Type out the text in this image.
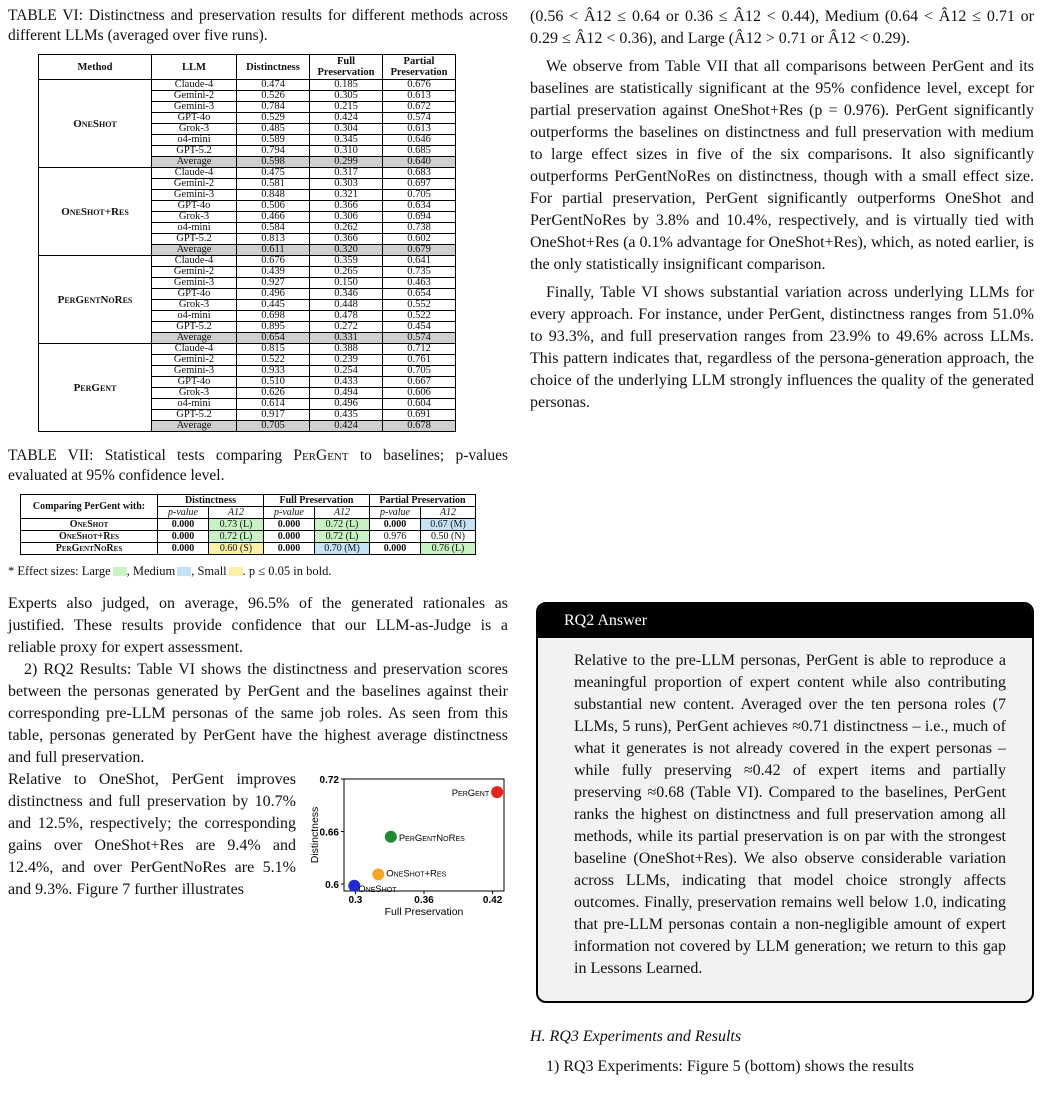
TABLE VI: Distinctness and preservation results for different methods across different LLMs (averaged over five runs).

Method	LLM	Distinctness	Full Preservation	Partial Preservation
OneShot	Claude-4	0.474	0.185	0.676
	Gemini-2	0.526	0.305	0.613
	Gemini-3	0.784	0.215	0.672
	GPT-4o	0.529	0.424	0.574
	Grok-3	0.485	0.304	0.613
	o4-mini	0.589	0.345	0.646
	GPT-5.2	0.794	0.310	0.685
	Average	0.598	0.299	0.640
OneShot+Res	Claude-4	0.475	0.317	0.683
	Gemini-2	0.581	0.303	0.697
	Gemini-3	0.848	0.321	0.705
	GPT-4o	0.506	0.366	0.634
	Grok-3	0.466	0.306	0.694
	o4-mini	0.584	0.262	0.738
	GPT-5.2	0.813	0.366	0.602
	Average	0.611	0.320	0.679
PerGentNoRes	Claude-4	0.676	0.359	0.641
	Gemini-2	0.439	0.265	0.735
	Gemini-3	0.927	0.150	0.463
	GPT-4o	0.496	0.346	0.654
	Grok-3	0.445	0.448	0.552
	o4-mini	0.698	0.478	0.522
	GPT-5.2	0.895	0.272	0.454
	Average	0.654	0.331	0.574
PerGent	Claude-4	0.815	0.388	0.712
	Gemini-2	0.522	0.239	0.761
	Gemini-3	0.933	0.254	0.705
	GPT-4o	0.510	0.433	0.667
	Grok-3	0.626	0.494	0.606
	o4-mini	0.614	0.496	0.604
	GPT-5.2	0.917	0.435	0.691
	Average	0.705	0.424	0.678

TABLE VII: Statistical tests comparing PerGent to baselines; p-values evaluated at 95% confidence level.

Comparing PerGent with:	Distinctness		Full Preservation		Partial Preservation	
	p-value	A12	p-value	A12	p-value	A12
OneShot	0.000	0.73 (L)	0.000	0.72 (L)	0.000	0.67 (M)
OneShot+Res	0.000	0.72 (L)	0.000	0.72 (L)	0.976	0.50 (N)
PerGentNoRes	0.000	0.60 (S)	0.000	0.70 (M)	0.000	0.76 (L)

* Effect sizes: Large , Medium , Small . p ≤ 0.05 in bold.

Experts also judged, on average, 96.5% of the generated rationales as justified. These results provide confidence that our LLM-as-Judge is a reliable proxy for expert assessment.

2) RQ2 Results: Table VI shows the distinctness and preservation scores between the personas generated by PerGent and the baselines against their corresponding pre-LLM personas of the same job roles. As seen from this table, personas generated by PerGent have the highest average distinctness and full preservation.

Relative to OneShot, PerGent improves distinctness and full preservation by 10.7% and 12.5%, respectively; the corresponding gains over OneShot+Res are 9.4% and 12.4%, and over PerGentNoRes are 5.1% and 9.3%. Figure 7 further illustrates

0.3	0.36	0.42
0.6
0.66
0.72
Full Preservation
Distinctness
PerGent
PerGentNoRes
OneShot+Res
OneShot

(0.56 < Â12 ≤ 0.64 or 0.36 ≤ Â12 < 0.44), Medium (0.64 < Â12 ≤ 0.71 or 0.29 ≤ Â12 < 0.36), and Large (Â12 > 0.71 or Â12 < 0.29).

We observe from Table VII that all comparisons between PerGent and its baselines are statistically significant at the 95% confidence level, except for partial preservation against OneShot+Res (p = 0.976). PerGent significantly outperforms the baselines on distinctness and full preservation with medium to large effect sizes in five of the six comparisons. It also significantly outperforms PerGentNoRes on distinctness, though with a small effect size. For partial preservation, PerGent significantly outperforms OneShot and PerGentNoRes by 3.8% and 10.4%, respectively, and is virtually tied with OneShot+Res (a 0.1% advantage for OneShot+Res), which, as noted earlier, is the only statistically insignificant comparison.

Finally, Table VI shows substantial variation across underlying LLMs for every approach. For instance, under PerGent, distinctness ranges from 51.0% to 93.3%, and full preservation ranges from 23.9% to 49.6% across LLMs. This pattern indicates that, regardless of the persona-generation approach, the choice of the underlying LLM strongly influences the quality of the generated personas.

RQ2 Answer
Relative to the pre-LLM personas, PerGent is able to reproduce a meaningful proportion of expert content while also contributing substantial new content. Averaged over the ten persona roles (7 LLMs, 5 runs), PerGent achieves ≈0.71 distinctness – i.e., much of what it generates is not already covered in the expert personas – while fully preserving ≈0.42 of expert items and partially preserving ≈0.68 (Table VI). Compared to the baselines, PerGent ranks the highest on distinctness and full preservation among all methods, while its partial preservation is on par with the strongest baseline (OneShot+Res). We also observe considerable variation across LLMs, indicating that model choice strongly affects outcomes. Finally, preservation remains well below 1.0, indicating that pre-LLM personas contain a non-negligible amount of expert information not covered by LLM generation; we return to this gap in Lessons Learned.

H. RQ3 Experiments and Results

1) RQ3 Experiments: Figure 5 (bottom) shows the results
